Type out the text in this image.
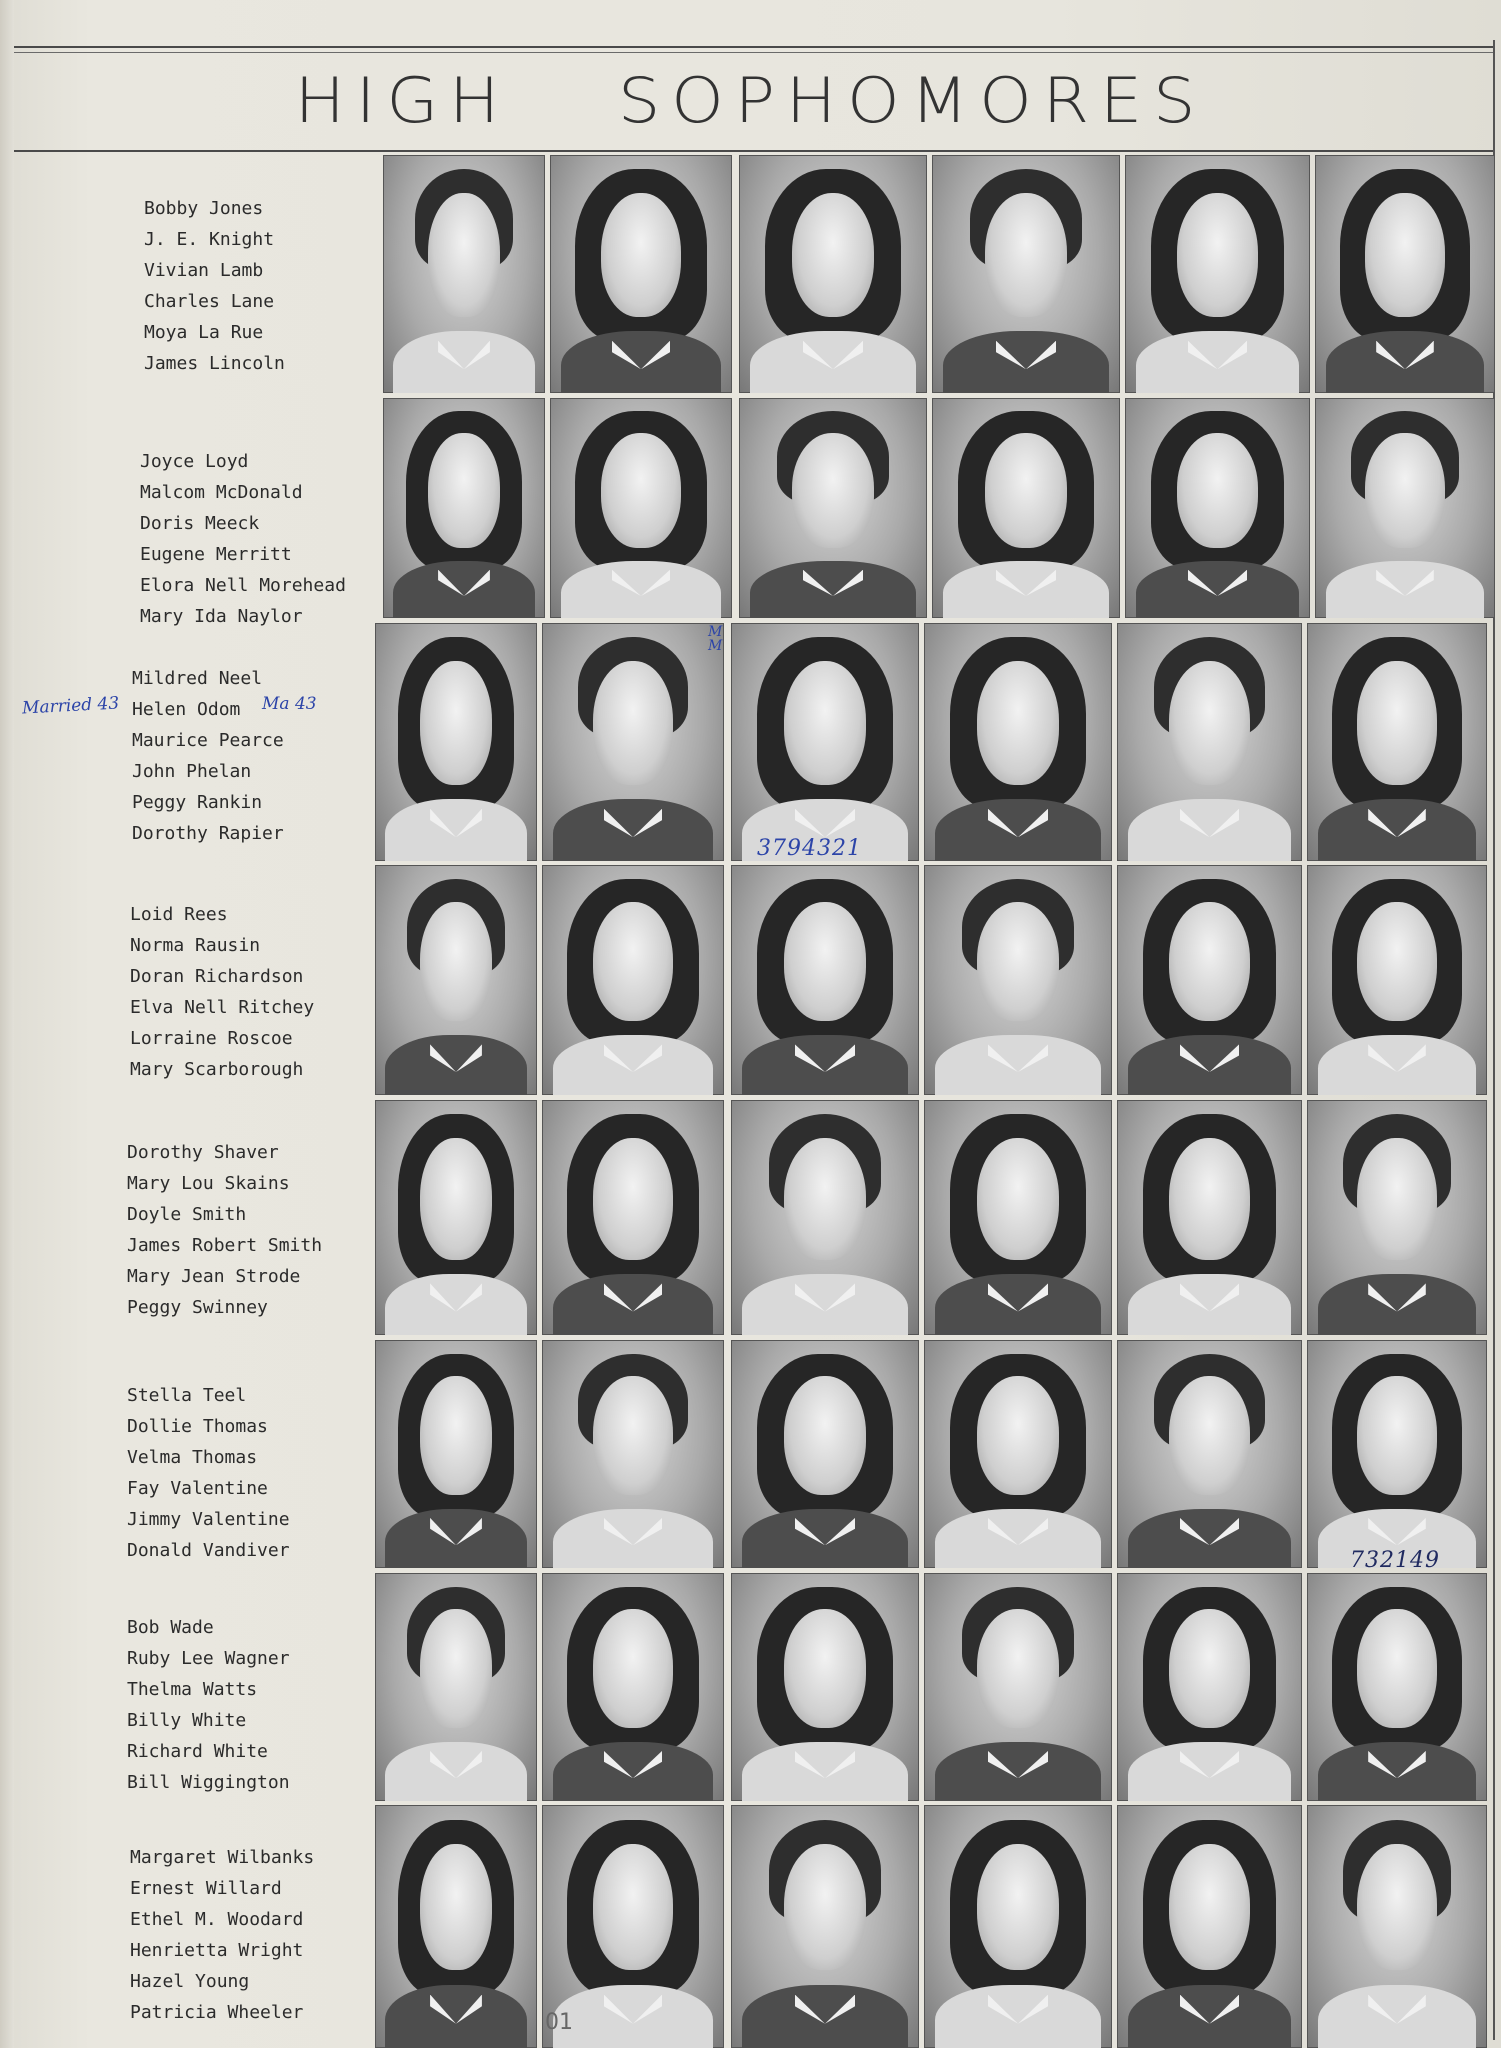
HIGH SOPHOMORES
Bobby Jones
J. E. Knight
Vivian Lamb
Charles Lane
Moya La Rue
James Lincoln
Joyce Loyd
Malcom McDonald
Doris Meeck
Eugene Merritt
Elora Nell Morehead
Mary Ida Naylor
Mildred Neel
Helen Odom
Maurice Pearce
John Phelan
Peggy Rankin
Dorothy Rapier
Loid Rees
Norma Rausin
Doran Richardson
Elva Nell Ritchey
Lorraine Roscoe
Mary Scarborough
Dorothy Shaver
Mary Lou Skains
Doyle Smith
James Robert Smith
Mary Jean Strode
Peggy Swinney
Stella Teel
Dollie Thomas
Velma Thomas
Fay Valentine
Jimmy Valentine
Donald Vandiver
Bob Wade
Ruby Lee Wagner
Thelma Watts
Billy White
Richard White
Bill Wiggington
Margaret Wilbanks
Ernest Willard
Ethel M. Woodard
Henrietta Wright
Hazel Young
Patricia Wheeler
Married 43	Ma 43
M
M
3794321
732149
01
